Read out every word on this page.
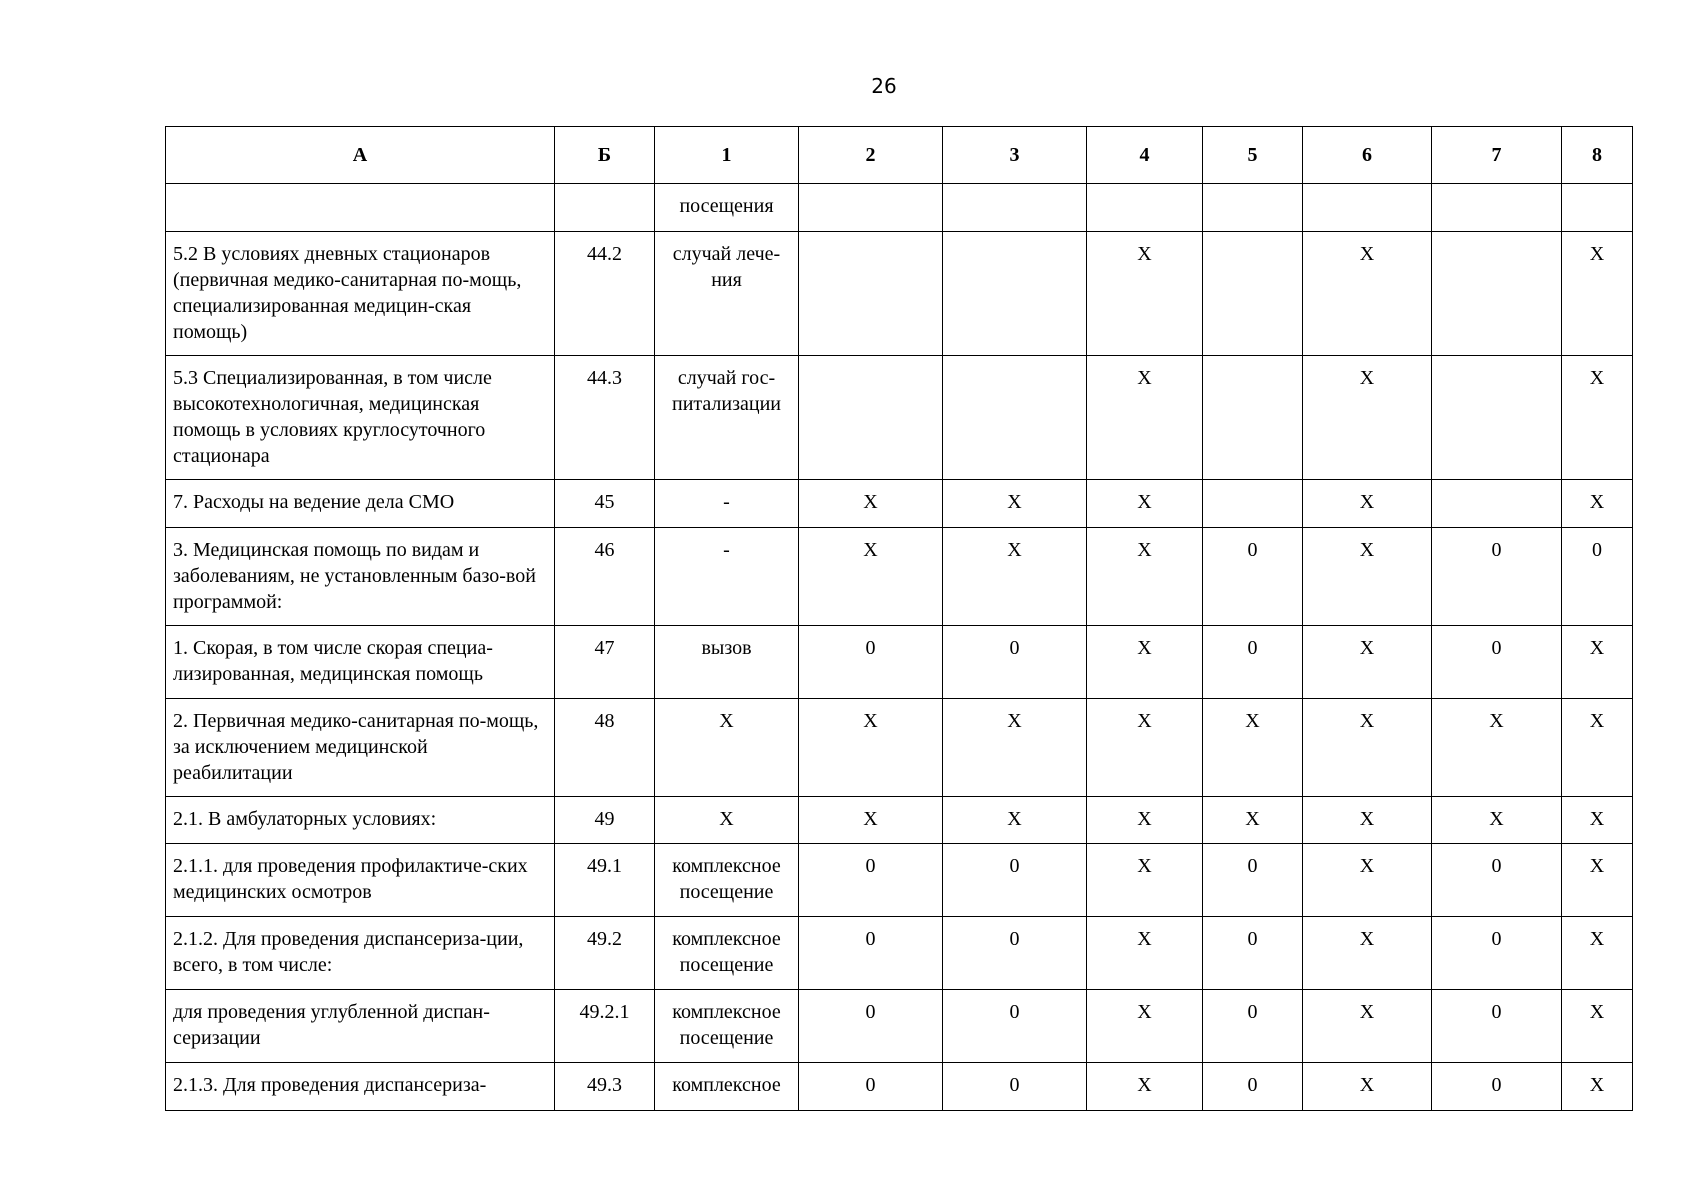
26
А	Б	1	2	3	4	5	6	7	8
		посещения							
5.2 В условиях дневных стационаров (первичная медико-санитарная по-мощь, специализированная медицин-ская помощь)	44.2	случай лече-ния			Х		Х		Х
5.3 Специализированная, в том числе высокотехнологичная, медицинская помощь в условиях круглосуточного стационара	44.3	случай гос-питализации			Х		Х		Х
7. Расходы на ведение дела СМО	45	-	Х	Х	Х		Х		Х
3. Медицинская помощь по видам и заболеваниям, не установленным базо-вой программой:	46	-	Х	Х	Х	0	Х	0	0
1. Скорая, в том числе скорая специа-лизированная, медицинская помощь	47	вызов	0	0	Х	0	Х	0	Х
2. Первичная медико-санитарная по-мощь, за исключением медицинской реабилитации	48	Х	Х	Х	Х	Х	Х	Х	Х
2.1. В амбулаторных условиях:	49	Х	Х	Х	Х	Х	Х	Х	Х
2.1.1. для проведения профилактиче-ских медицинских осмотров	49.1	комплексное посещение	0	0	Х	0	Х	0	Х
2.1.2. Для проведения диспансериза-ции, всего, в том числе:	49.2	комплексное посещение	0	0	Х	0	Х	0	Х
для проведения углубленной диспан-серизации	49.2.1	комплексное посещение	0	0	Х	0	Х	0	Х
2.1.3. Для проведения диспансериза-	49.3	комплексное	0	0	Х	0	Х	0	Х
